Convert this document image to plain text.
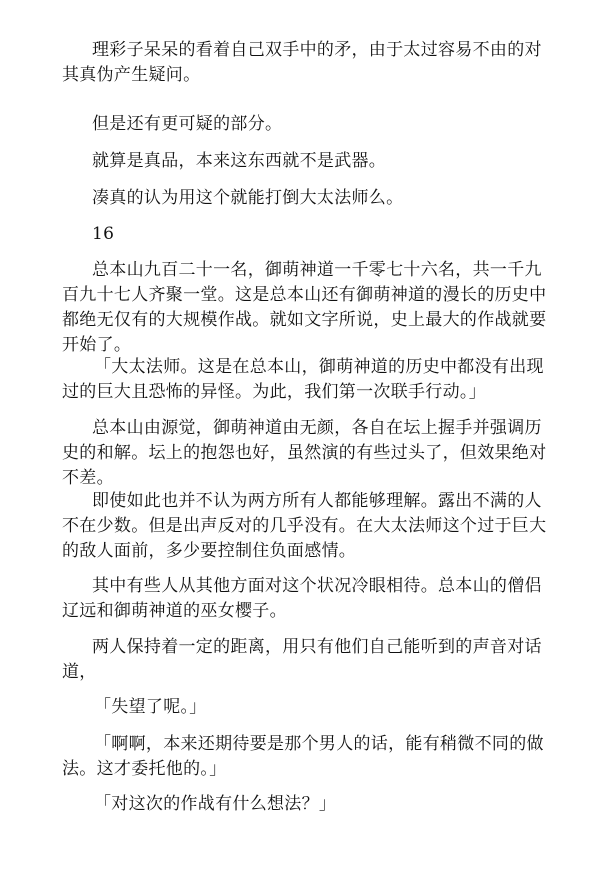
理彩子呆呆的看着自己双手中的矛，由于太过容易不由的对其真伪产生疑问。

但是还有更可疑的部分。

就算是真品，本来这东西就不是武器。

凑真的认为用这个就能打倒大太法师么。

16

总本山九百二十一名，御萌神道一千零七十六名，共一千九百九十七人齐聚一堂。这是总本山还有御萌神道的漫长的历史中都绝无仅有的大规模作战。就如文字所说，史上最大的作战就要开始了。

「大太法师。这是在总本山，御萌神道的历史中都没有出现过的巨大且恐怖的异怪。为此，我们第一次联手行动。」

总本山由源觉，御萌神道由无颜，各自在坛上握手并强调历史的和解。坛上的抱怨也好，虽然演的有些过头了，但效果绝对不差。

即使如此也并不认为两方所有人都能够理解。露出不满的人不在少数。但是出声反对的几乎没有。在大太法师这个过于巨大的敌人面前，多少要控制住负面感情。

其中有些人从其他方面对这个状况冷眼相待。总本山的僧侣辽远和御萌神道的巫女樱子。

两人保持着一定的距离，用只有他们自己能听到的声音对话道，

「失望了呢。」

「啊啊，本来还期待要是那个男人的话，能有稍微不同的做法。这才委托他的。」

「对这次的作战有什么想法？」
